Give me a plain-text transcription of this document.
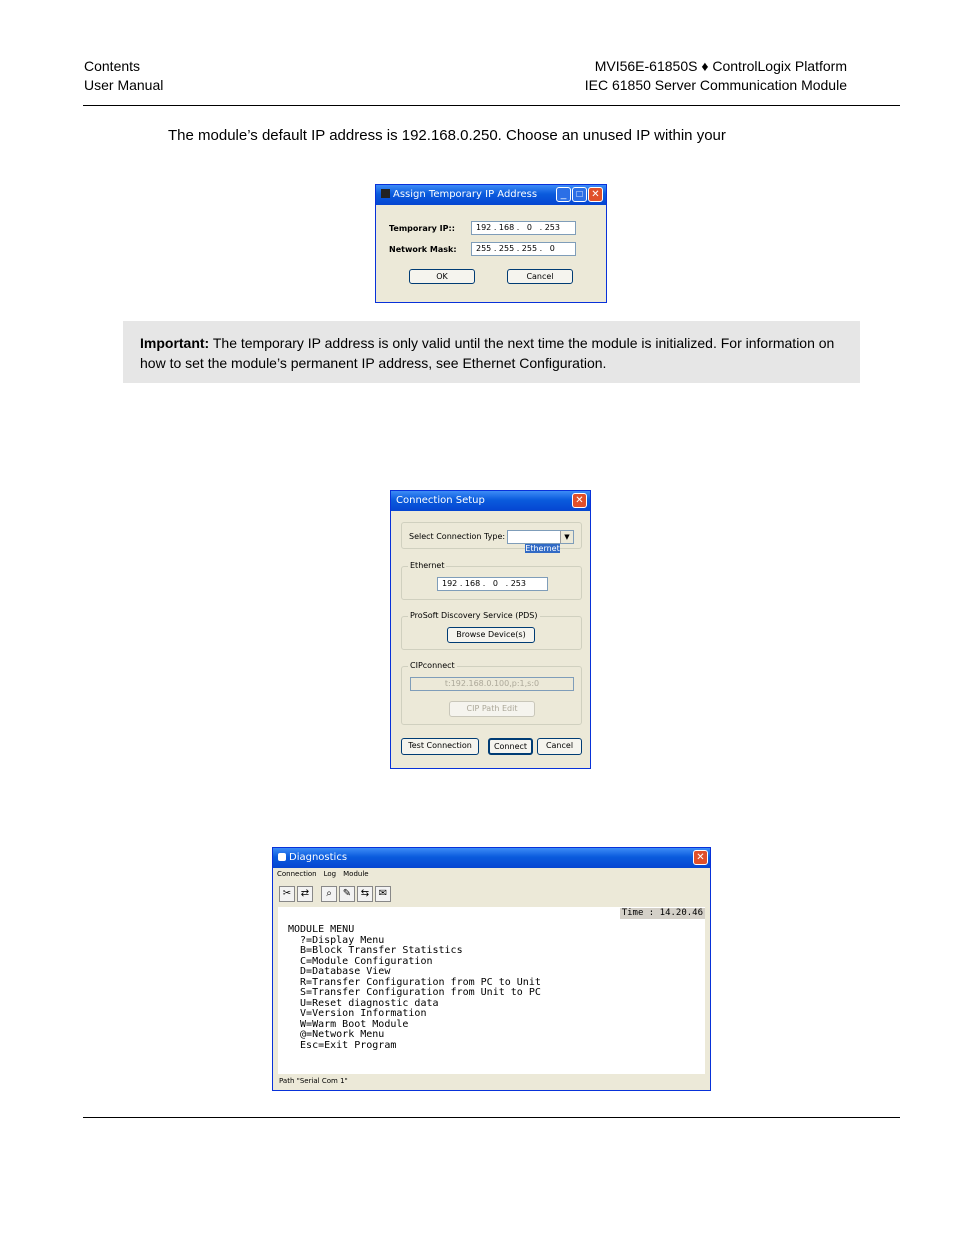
Contents
User Manual
MVI56E-61850S ♦ ControlLogix Platform
IEC 61850 Server Communication Module
The module’s default IP address is 192.168.0.250. Choose an unused IP within your
Assign Temporary IP Address	_	□ ✕
Temporary IP::	192 . 168 .   0   . 253
Network Mask:	255 . 255 . 255 .   0
OK	Cancel

Important: The temporary IP address is only valid until the next time the module is initialized. For information on how to set the module’s permanent IP address, see Ethernet Configuration.

Connection Setup	✕
Select Connection Type:

Ethernet

▼

Ethernet
192 . 168 .   0   . 253
ProSoft Discovery Service (PDS)
Browse Device(s)
CIPconnect
t:192.168.0.100,p:1,s:0
CIP Path Edit
Test Connection	Connect	Cancel
Diagnostics	✕
Connection Log Module
✂ ⇄	⌕	✎ ⇆ ✉
Time : 14.20.46
MODULE MENU
?=Display Menu
B=Block Transfer Statistics
C=Module Configuration
D=Database View
R=Transfer Configuration from PC to Unit
S=Transfer Configuration from Unit to PC
U=Reset diagnostic data
V=Version Information
W=Warm Boot Module
@=Network Menu
Esc=Exit Program
Path "Serial Com 1"
